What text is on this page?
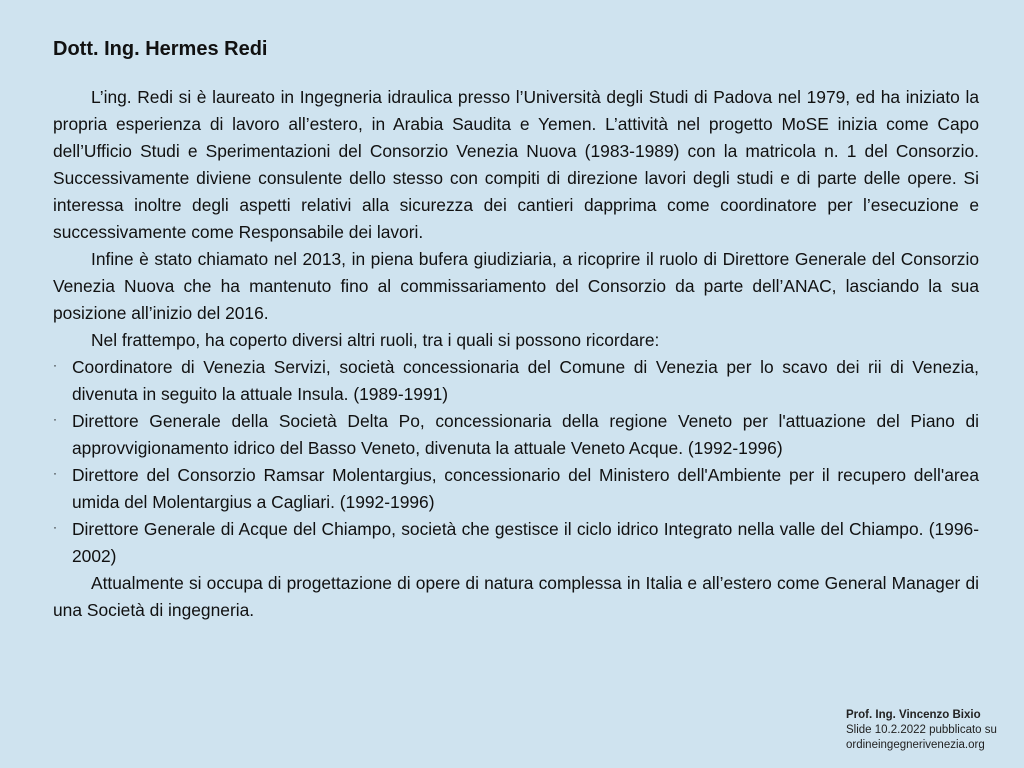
Dott. Ing. Hermes Redi

L’ing. Redi si è laureato in Ingegneria idraulica presso l’Università degli Studi di Padova nel 1979, ed ha iniziato la propria esperienza di lavoro all’estero, in Arabia Saudita e Yemen. L’attività nel progetto MoSE inizia come Capo dell’Ufficio Studi e Sperimentazioni del Consorzio Venezia Nuova (1983-1989) con la matricola n. 1 del Consorzio. Successivamente diviene consulente dello stesso con compiti di direzione lavori degli studi e di parte delle opere. Si interessa inoltre degli aspetti relativi alla sicurezza dei cantieri dapprima come coordinatore per l’esecuzione e successivamente come Responsabile dei lavori.

Infine è stato chiamato nel 2013, in piena bufera giudiziaria, a ricoprire il ruolo di Direttore Generale del Consorzio Venezia Nuova che ha mantenuto fino al commissariamento del Consorzio da parte dell’ANAC, lasciando la sua posizione all’inizio del 2016.

Nel frattempo, ha coperto diversi altri ruoli, tra i quali si possono ricordare:

· Coordinatore di Venezia Servizi, società concessionaria del Comune di Venezia per lo scavo dei rii di Venezia, divenuta in seguito la attuale Insula. (1989-1991)
· Direttore Generale della Società Delta Po, concessionaria della regione Veneto per l'attuazione del Piano di approvvigionamento idrico del Basso Veneto, divenuta la attuale Veneto Acque. (1992-1996)
· Direttore del Consorzio Ramsar Molentargius, concessionario del Ministero dell'Ambiente per il recupero dell'area umida del Molentargius a Cagliari. (1992-1996)
· Direttore Generale di Acque del Chiampo, società che gestisce il ciclo idrico Integrato nella valle del Chiampo. (1996- 2002)

Attualmente si occupa di progettazione di opere di natura complessa in Italia e all’estero come General Manager di una Società di ingegneria.

Prof. Ing. Vincenzo Bixio
Slide 10.2.2022 pubblicato su
ordineingegnerivenezia.org
